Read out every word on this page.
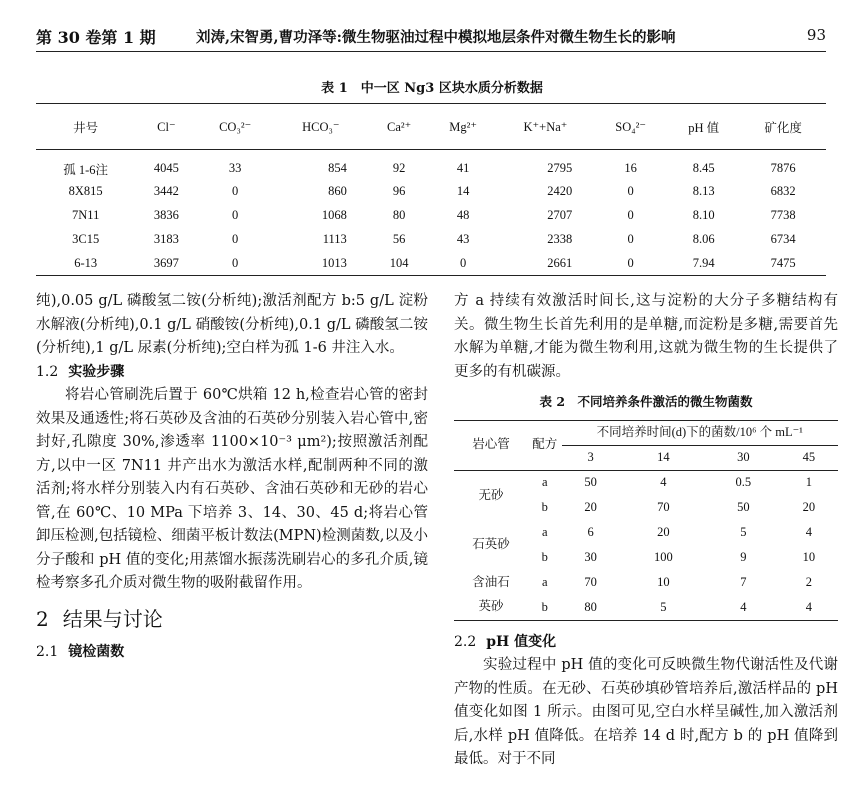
第 30 卷第 1 期	刘涛,宋智勇,曹功泽等:微生物驱油过程中模拟地层条件对微生物生长的影响	93
表 1　中一区 Ng3 区块水质分析数据
井号	Cl⁻	CO₃²⁻	HCO₃⁻	Ca²⁺	Mg²⁺	K⁺+Na⁺	SO₄²⁻	pH 值	矿化度
孤 1-6注	4045	33	854	92	41	2795	16	8.45	7876
8X815	3442	0	860	96	14	2420	0	8.13	6832
7N11	3836	0	1068	80	48	2707	0	8.10	7738
3C15	3183	0	1113	56	43	2338	0	8.06	6734
6-13	3697	0	1013	104	0	2661	0	7.94	7475

纯),0.05 g/L 磷酸氢二铵(分析纯);激活剂配方 b:5 g/L 淀粉水解液(分析纯),0.1 g/L 硝酸铵(分析纯),0.1 g/L 磷酸氢二铵(分析纯),1 g/L 尿素(分析纯);空白样为孤 1-6 井注入水。

1.2 实验步骤

将岩心管刷洗后置于 60℃烘箱 12 h,检查岩心管的密封效果及通透性;将石英砂及含油的石英砂分别装入岩心管中,密封好,孔隙度 30%,渗透率 1100×10⁻³ μm²);按照激活剂配方,以中一区 7N11 井产出水为激活水样,配制两种不同的激活剂;将水样分别装入内有石英砂、含油石英砂和无砂的岩心管,在 60℃、10 MPa 下培养 3、14、30、45 d;将岩心管卸压检测,包括镜检、细菌平板计数法(MPN)检测菌数,以及小分子酸和 pH 值的变化;用蒸馏水振荡洗刷岩心的多孔介质,镜检考察多孔介质对微生物的吸附截留作用。

2 结果与讨论

2.1 镜检菌数

方 a 持续有效激活时间长,这与淀粉的大分子多糖结构有关。微生物生长首先利用的是单糖,而淀粉是多糖,需要首先水解为单糖,才能为微生物利用,这就为微生物的生长提供了更多的有机碳源。

表 2　不同培养条件激活的微生物菌数
岩心管	配方	不同培养时间(d)下的菌数/10⁶ 个 mL⁻¹			
		3	14	30	45
无砂	a	50	4	0.5	1
	b	20	70	50	20
石英砂	a	6	20	5	4
	b	30	100	9	10
含油石英砂	a	70	10	7	2
	b	80	5	4	4

2.2 pH 值变化

实验过程中 pH 值的变化可反映微生物代谢活性及代谢产物的性质。在无砂、石英砂填砂管培养后,激活样品的 pH 值变化如图 1 所示。由图可见,空白水样呈碱性,加入激活剂后,水样 pH 值降低。在培养 14 d 时,配方 b 的 pH 值降到最低。对于不同
